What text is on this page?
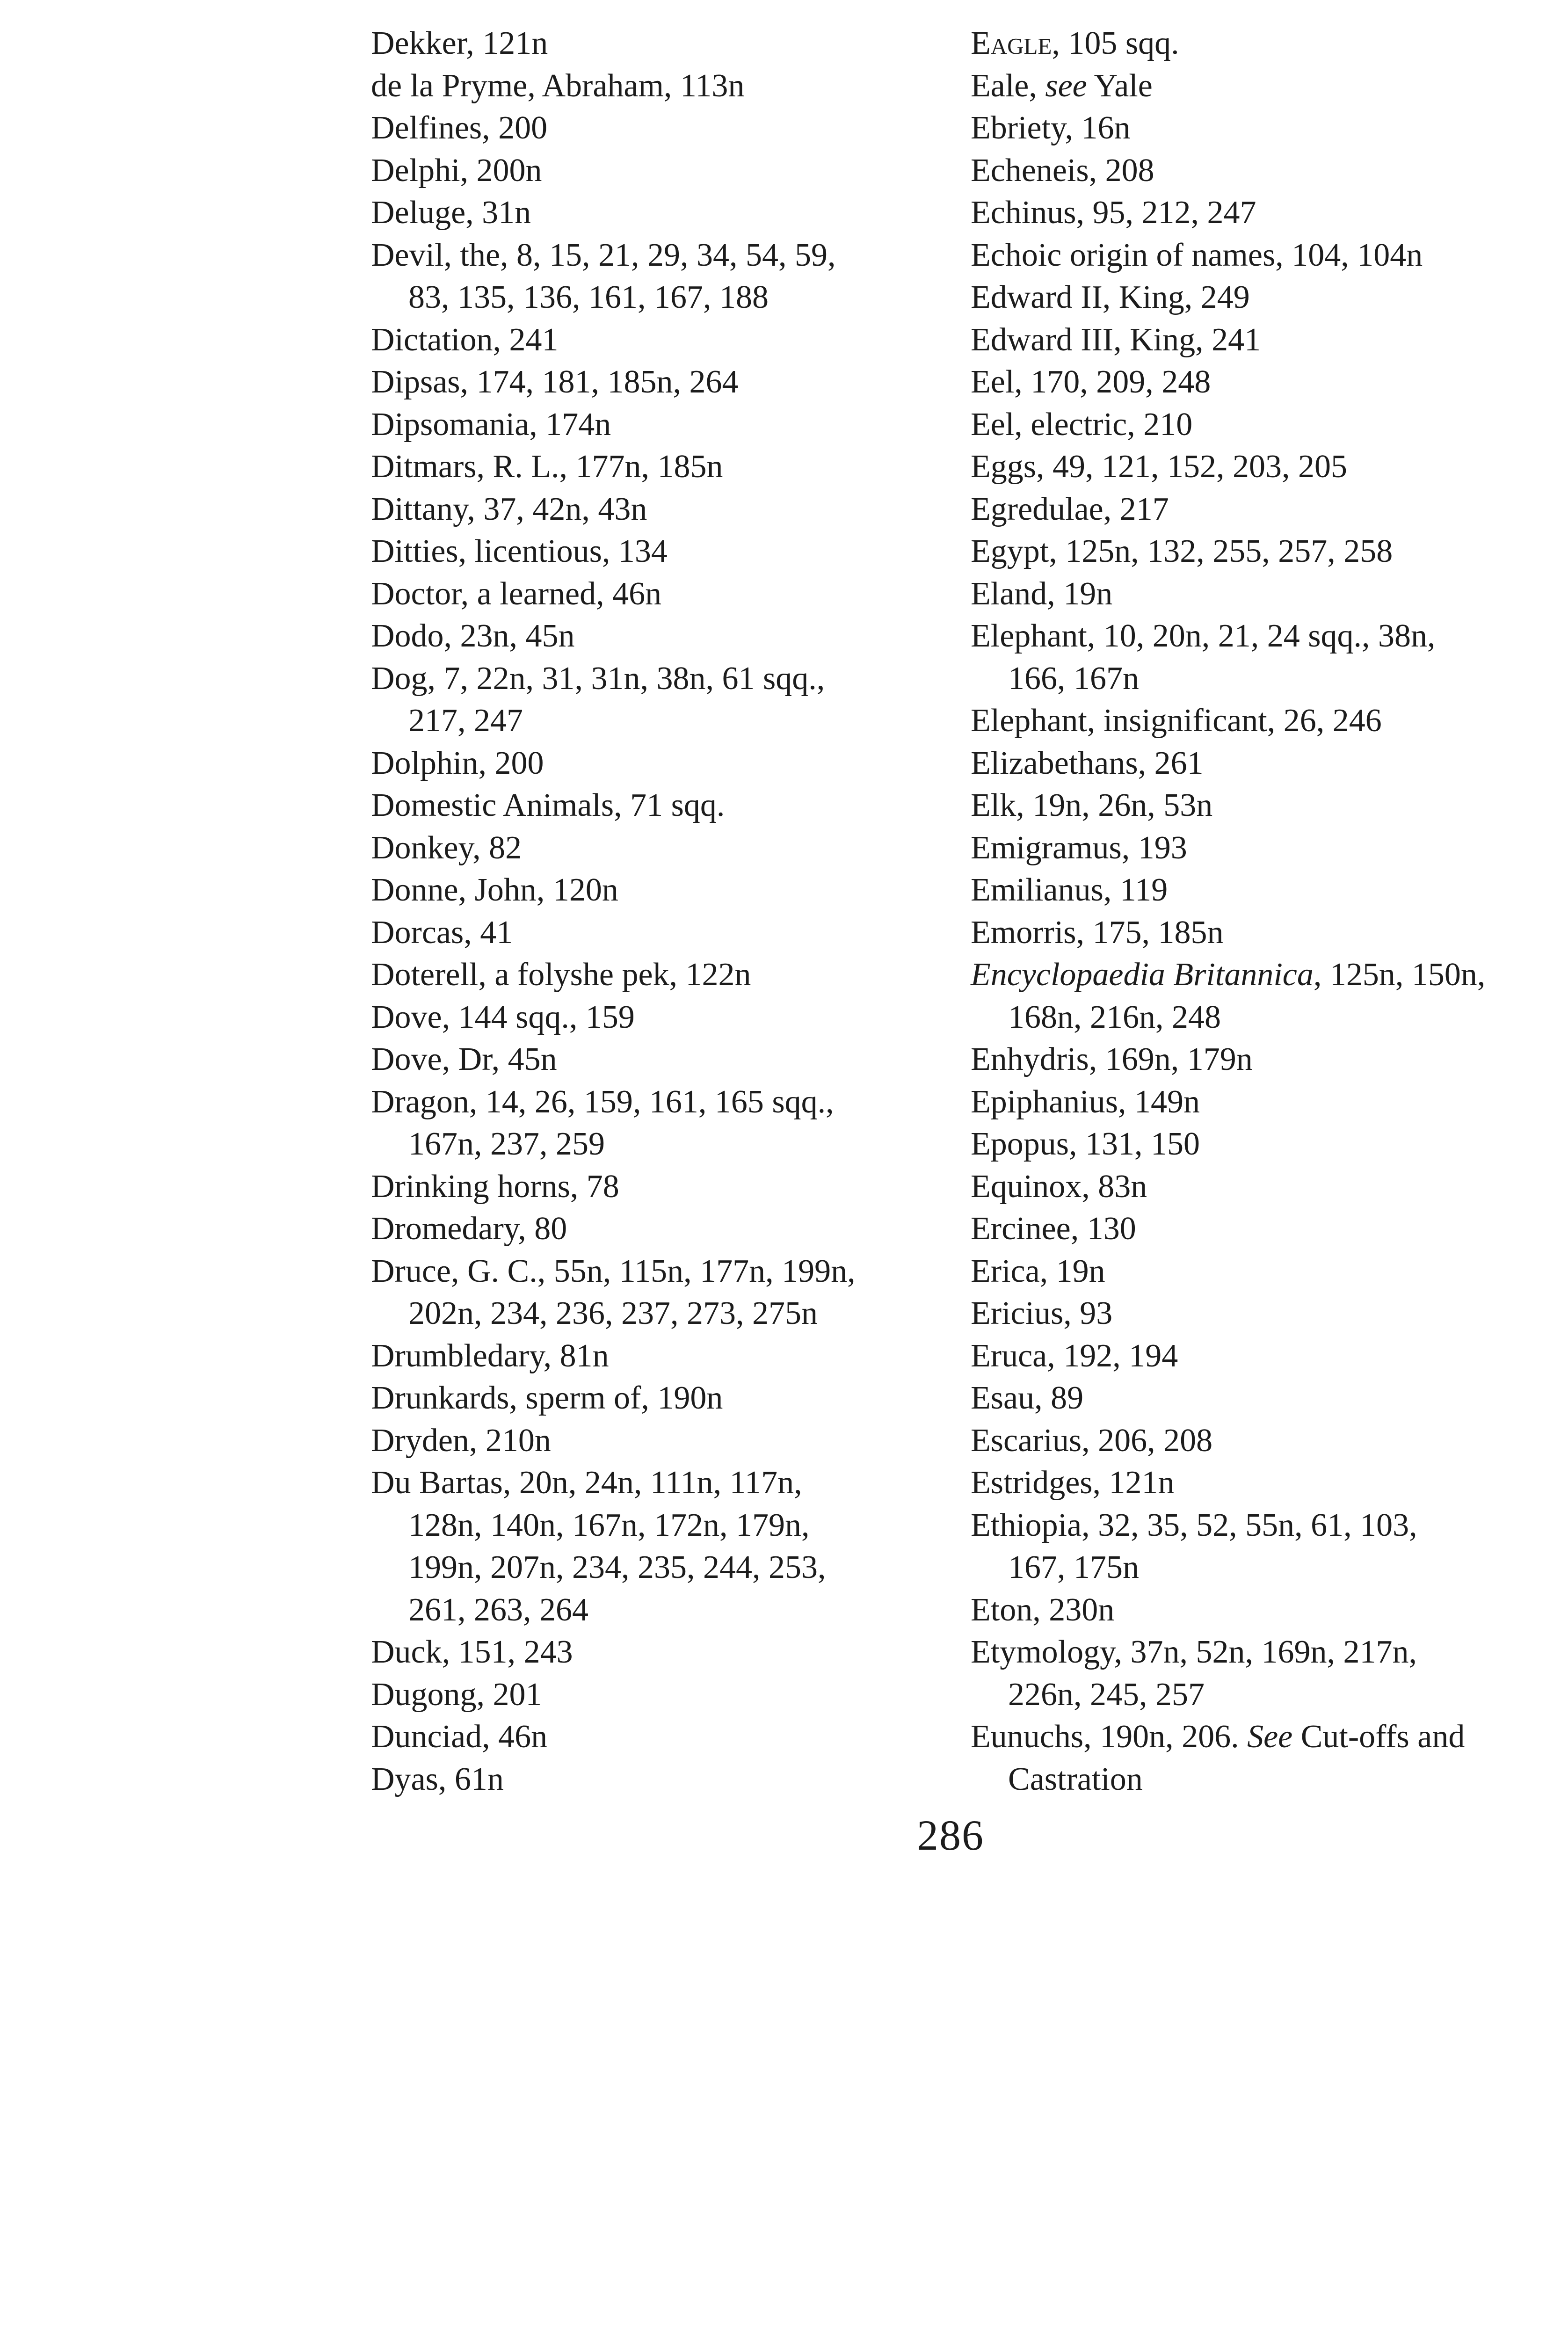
Dekker, 121n
de la Pryme, Abraham, 113n
Delfines, 200
Delphi, 200n
Deluge, 31n
Devil, the, 8, 15, 21, 29, 34, 54, 59,
83, 135, 136, 161, 167, 188
Dictation, 241
Dipsas, 174, 181, 185n, 264
Dipsomania, 174n
Ditmars, R. L., 177n, 185n
Dittany, 37, 42n, 43n
Ditties, licentious, 134
Doctor, a learned, 46n
Dodo, 23n, 45n
Dog, 7, 22n, 31, 31n, 38n, 61 sqq.,
217, 247
Dolphin, 200
Domestic Animals, 71 sqq.
Donkey, 82
Donne, John, 120n
Dorcas, 41
Doterell, a folyshe pek, 122n
Dove, 144 sqq., 159
Dove, Dr, 45n
Dragon, 14, 26, 159, 161, 165 sqq.,
167n, 237, 259
Drinking horns, 78
Dromedary, 80
Druce, G. C., 55n, 115n, 177n, 199n,
202n, 234, 236, 237, 273, 275n
Drumbledary, 81n
Drunkards, sperm of, 190n
Dryden, 210n
Du Bartas, 20n, 24n, 111n, 117n,
128n, 140n, 167n, 172n, 179n,
199n, 207n, 234, 235, 244, 253,
261, 263, 264
Duck, 151, 243
Dugong, 201
Dunciad, 46n
Dyas, 61n
Eagle, 105 sqq.
Eale, see Yale
Ebriety, 16n
Echeneis, 208
Echinus, 95, 212, 247
Echoic origin of names, 104, 104n
Edward II, King, 249
Edward III, King, 241
Eel, 170, 209, 248
Eel, electric, 210
Eggs, 49, 121, 152, 203, 205
Egredulae, 217
Egypt, 125n, 132, 255, 257, 258
Eland, 19n
Elephant, 10, 20n, 21, 24 sqq., 38n,
166, 167n
Elephant, insignificant, 26, 246
Elizabethans, 261
Elk, 19n, 26n, 53n
Emigramus, 193
Emilianus, 119
Emorris, 175, 185n
Encyclopaedia Britannica, 125n, 150n,
168n, 216n, 248
Enhydris, 169n, 179n
Epiphanius, 149n
Epopus, 131, 150
Equinox, 83n
Ercinee, 130
Erica, 19n
Ericius, 93
Eruca, 192, 194
Esau, 89
Escarius, 206, 208
Estridges, 121n
Ethiopia, 32, 35, 52, 55n, 61, 103,
167, 175n
Eton, 230n
Etymology, 37n, 52n, 169n, 217n,
226n, 245, 257
Eunuchs, 190n, 206. See Cut-offs and
Castration
286
